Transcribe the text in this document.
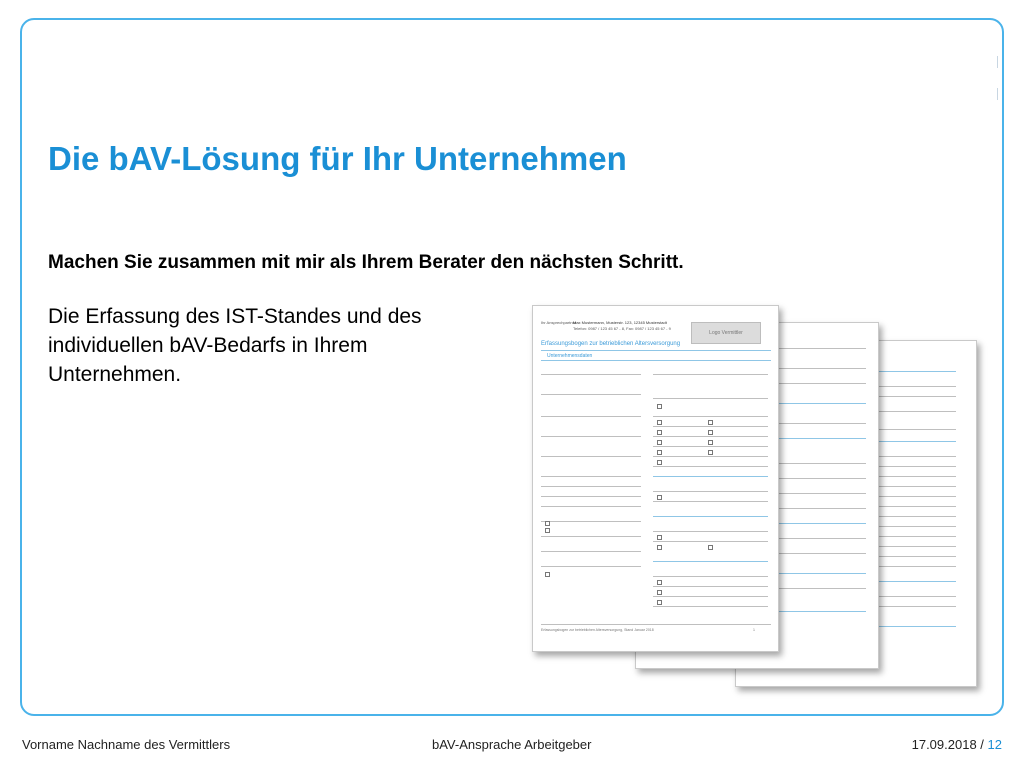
Die bAV-Lösung für Ihr Unternehmen
Machen Sie zusammen mit mir als Ihrem Berater den nächsten Schritt.
Die Erfassung des IST-Standes und des individuellen bAV-Bedarfs in Ihrem Unternehmen.
Ihr Ansprechpartner:
Max Mustermann, Musterstr. 123, 12345 Musterstadt
Telefon: 0987 / 123 45 67 - 8, Fax: 0987 / 123 45 67 - 9
Logo Vermittler
Erfassungsbogen zur betrieblichen Altersversorgung
Unternehmensdaten
Erfassungsbogen zur betrieblichen Altersversorgung, Stand Januar 2018	1
Vorname Nachname des Vermittlers	bAV-Ansprache Arbeitgeber	17.09.2018 / 12
